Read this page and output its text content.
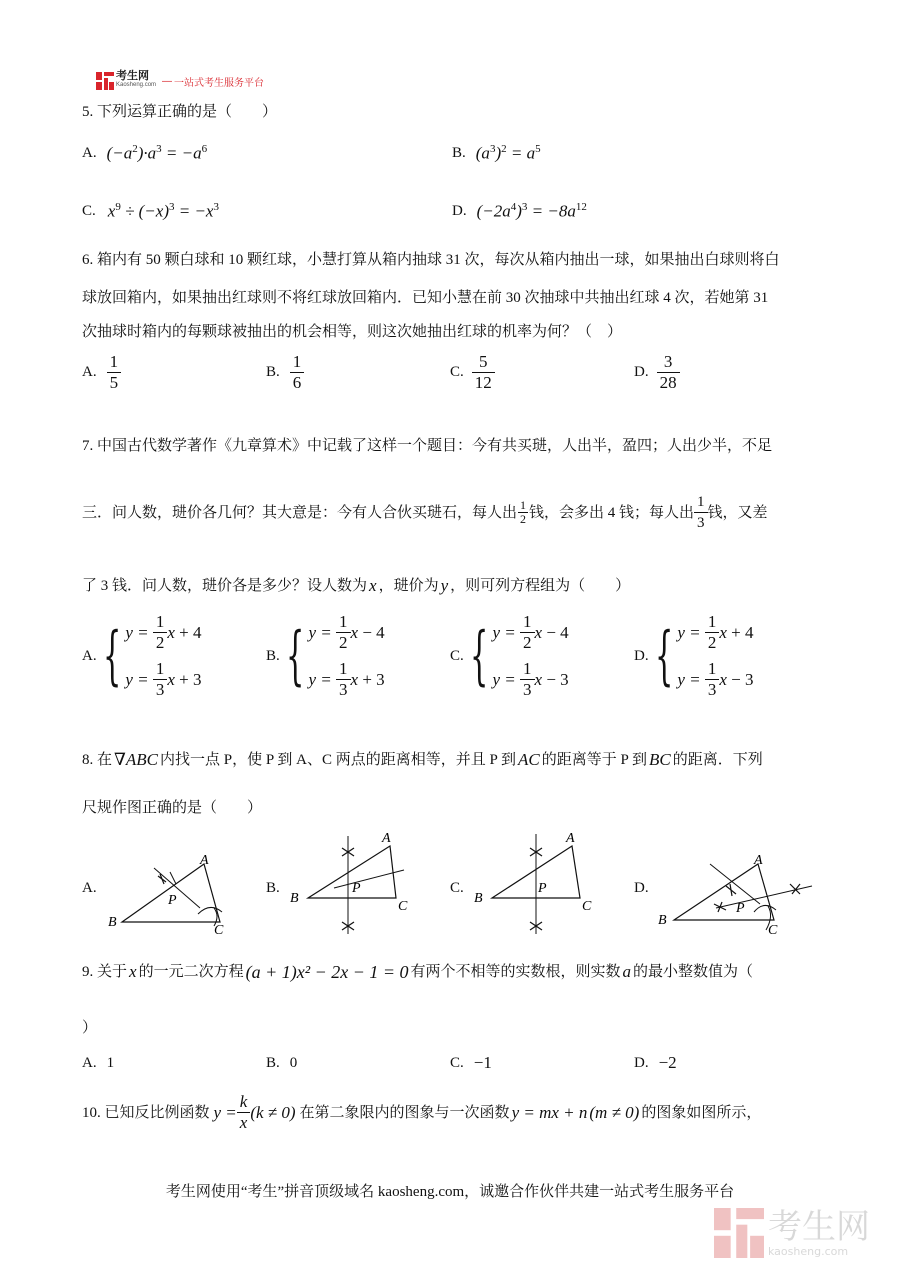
考生网
Kaosheng.com — 一站式考生服务平台
5. 下列运算正确的是（　　）
A. $(-a^2)\cdot a^3 = -a^6$	B. $(a^3)^2 = a^5$
C. $x^9 \div (-x)^3 = -x^3$	D. $(-2a^4)^3 = -8a^{12}$
6. 箱内有 50 颗白球和 10 颗红球，小慧打算从箱内抽球 31 次，每次从箱内抽出一球，如果抽出白球则将白
球放回箱内，如果抽出红球则不将红球放回箱内．已知小慧在前 30 次抽球中共抽出红球 4 次，若她第 31
次抽球时箱内的每颗球被抽出的机会相等，则这次她抽出红球的机率为何？（　）
A. $\frac{1}{5}$	B. $\frac{1}{6}$	C. $\frac{5}{12}$	D. $\frac{3}{28}$
7. 中国古代数学著作《九章算术》中记载了这样一个题目：今有共买琎，人出半，盈四；人出少半，不足
三．问人数，琎价各几何？其大意是：今有人合伙买琎石，每人出 $\frac{1}{2}$ 钱，会多出 4 钱；每人出 $\frac{1}{3}$ 钱，又差
了 3 钱．问人数，琎价各是多少？设人数为 x ，琎价为 y ，则可列方程组为（　　）
A. { $y = \frac{1}{2}$ x + 4
$y = \frac{1}{3}$ x + 3
B. { $y = \frac{1}{2}$ x − 4
$y = \frac{1}{3}$ x + 3
C. { $y = \frac{1}{2}$ x − 4
$y = \frac{1}{3}$ x − 3
D. { $y = \frac{1}{2}$ x + 4
$y = \frac{1}{3}$ x − 3
8. 在 ∇ABC 内找一点 P，使 P 到 A、C 两点的距离相等，并且 P 到 AC 的距离等于 P 到 BC 的距离．下列
尺规作图正确的是（　　）
A.
A
B
C
P
B.
A
B
C
P	C.
A
B
C
P	D.
A
B
C
P
9. 关于 x 的一元二次方程 (a + 1)x² − 2x − 1 = 0 有两个不相等的实数根，则实数 a 的最小整数值为（
）
A. 1	B. 0	C. −1	D. −2
10. 已知反比例函数 $y = \frac{k}{x} (k \ne 0)$ 在第二象限内的图象与一次函数 y = mx + n (m ≠ 0) 的图象如图所示，
考生网使用“考生”拼音顶级域名 kaosheng.com，诚邀合作伙伴共建一站式考生服务平台
考生网
kaosheng.com
